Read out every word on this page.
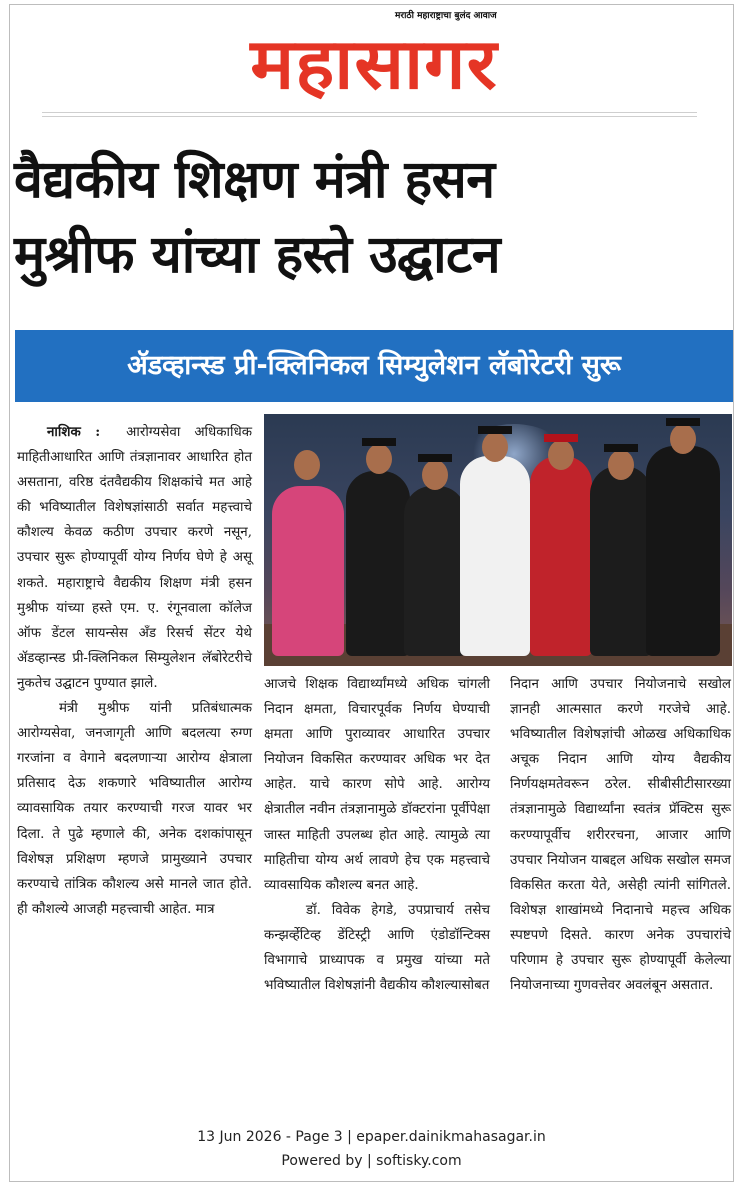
मराठी महाराष्ट्राचा बुलंद आवाज
महासागर
वैद्यकीय शिक्षण मंत्री हसन
मुश्रीफ यांच्या हस्ते उद्घाटन
ॲडव्हान्स्ड प्री-क्लिनिकल सिम्युलेशन लॅबोरेटरी सुरू

नाशिक : आरोग्यसेवा अधिकाधिक माहितीआधारित आणि तंत्रज्ञानावर आधारित होत असताना, वरिष्ठ दंतवैद्यकीय शिक्षकांचे मत आहे की भविष्यातील विशेषज्ञांसाठी सर्वात महत्त्वाचे कौशल्य केवळ कठीण उपचार करणे नसून, उपचार सुरू होण्यापूर्वी योग्य निर्णय घेणे हे असू शकते. महाराष्ट्राचे वैद्यकीय शिक्षण मंत्री हसन मुश्रीफ यांच्या हस्ते एम. ए. रंगूनवाला कॉलेज ऑफ डेंटल सायन्सेस अँड रिसर्च सेंटर येथे ॲडव्हान्स्ड प्री-क्लिनिकल सिम्युलेशन लॅबोरेटरीचे नुकतेच उद्घाटन पुण्यात झाले.

मंत्री मुश्रीफ यांनी प्रतिबंधात्मक आरोग्यसेवा, जनजागृती आणि बदलत्या रुग्ण गरजांना व वेगाने बदलणाऱ्या आरोग्य क्षेत्राला प्रतिसाद देऊ शकणारे भविष्यातील आरोग्य व्यावसायिक तयार करण्याची गरज यावर भर दिला. ते पुढे म्हणाले की, अनेक दशकांपासून विशेषज्ञ प्रशिक्षण म्हणजे प्रामुख्याने उपचार करण्याचे तांत्रिक कौशल्य असे मानले जात होते. ही कौशल्ये आजही महत्त्वाची आहेत. मात्र

आजचे शिक्षक विद्यार्थ्यांमध्ये अधिक चांगली निदान क्षमता, विचारपूर्वक निर्णय घेण्याची क्षमता आणि पुराव्यावर आधारित उपचार नियोजन विकसित करण्यावर अधिक भर देत आहेत. याचे कारण सोपे आहे. आरोग्य क्षेत्रातील नवीन तंत्रज्ञानामुळे डॉक्टरांना पूर्वीपेक्षा जास्त माहिती उपलब्ध होत आहे. त्यामुळे त्या माहितीचा योग्य अर्थ लावणे हेच एक महत्त्वाचे व्यावसायिक कौशल्य बनत आहे.

डॉ. विवेक हेगडे, उपप्राचार्य तसेच कन्झर्व्हेटिव्ह डेंटिस्ट्री आणि एंडोडॉन्टिक्स विभागाचे प्राध्यापक व प्रमुख यांच्या मते भविष्यातील विशेषज्ञांनी वैद्यकीय कौशल्यासोबत

निदान आणि उपचार नियोजनाचे सखोल ज्ञानही आत्मसात करणे गरजेचे आहे. भविष्यातील विशेषज्ञांची ओळख अधिकाधिक अचूक निदान आणि योग्य वैद्यकीय निर्णयक्षमतेवरून ठरेल. सीबीसीटीसारख्या तंत्रज्ञानामुळे विद्यार्थ्यांना स्वतंत्र प्रॅक्टिस सुरू करण्यापूर्वीच शरीररचना, आजार आणि उपचार नियोजन याबद्दल अधिक सखोल समज विकसित करता येते, असेही त्यांनी सांगितले. विशेषज्ञ शाखांमध्ये निदानाचे महत्त्व अधिक स्पष्टपणे दिसते. कारण अनेक उपचारांचे परिणाम हे उपचार सुरू होण्यापूर्वी केलेल्या नियोजनाच्या गुणवत्तेवर अवलंबून असतात.

13 Jun 2026 - Page 3 | epaper.dainikmahasagar.in
Powered by | softisky.com
